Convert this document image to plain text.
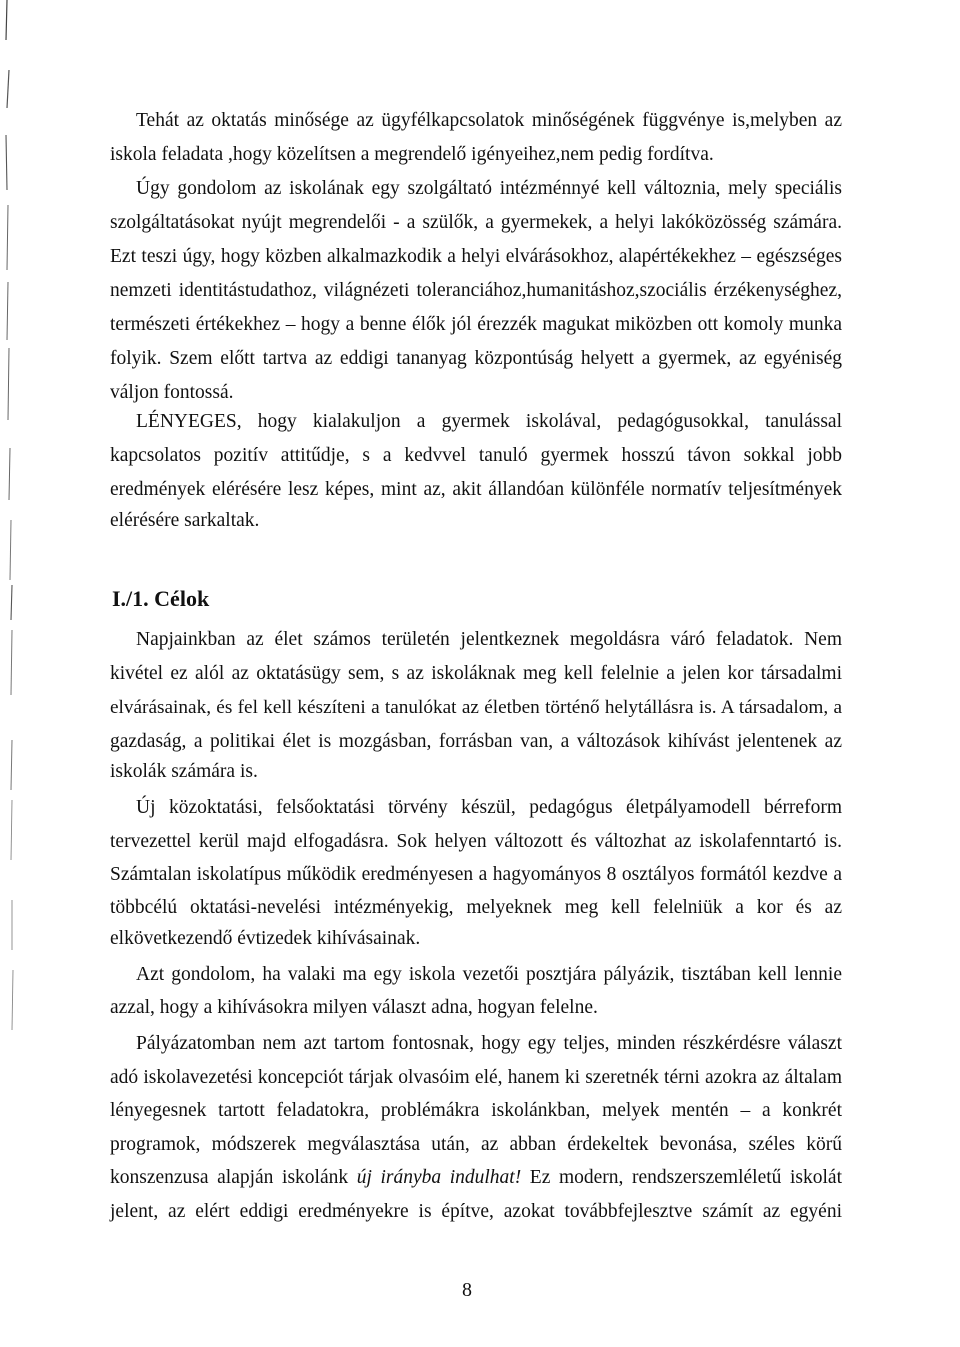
Tehát az oktatás minősége az ügyfélkapcsolatok minőségének függvénye is,melyben az
iskola feladata ,hogy közelítsen a megrendelő igényeihez,nem pedig fordítva.
Úgy gondolom az iskolának egy szolgáltató intézménnyé kell változnia, mely speciális
szolgáltatásokat nyújt megrendelői - a szülők, a gyermekek, a helyi lakóközösség számára.
Ezt teszi úgy, hogy közben alkalmazkodik a helyi elvárásokhoz, alapértékekhez – egészséges
nemzeti identitástudathoz, világnézeti toleranciához,humanitáshoz,szociális érzékenységhez,
természeti értékekhez – hogy a benne élők jól érezzék magukat miközben ott komoly munka
folyik. Szem előtt tartva az eddigi tananyag központúság helyett a gyermek, az egyéniség
váljon fontossá.
LÉNYEGES, hogy kialakuljon a gyermek iskolával, pedagógusokkal, tanulással
kapcsolatos pozitív attitűdje, s a kedvvel tanuló gyermek hosszú távon sokkal jobb
eredmények elérésére lesz képes, mint az, akit állandóan különféle normatív teljesítmények
elérésére sarkaltak.
I./1. Célok
Napjainkban az élet számos területén jelentkeznek megoldásra váró feladatok. Nem
kivétel ez alól az oktatásügy sem, s az iskoláknak meg kell felelnie a jelen kor társadalmi
elvárásainak, és fel kell készíteni a tanulókat az életben történő helytállásra is. A társadalom, a
gazdaság, a politikai élet is mozgásban, forrásban van, a változások kihívást jelentenek az
iskolák számára is.
Új közoktatási, felsőoktatási törvény készül, pedagógus életpályamodell bérreform
tervezettel kerül majd elfogadásra. Sok helyen változott és változhat az iskolafenntartó is.
Számtalan iskolatípus működik eredményesen a hagyományos 8 osztályos formától kezdve a
többcélú oktatási-nevelési intézményekig, melyeknek meg kell felelniük a kor és az
elkövetkezendő évtizedek kihívásainak.
Azt gondolom, ha valaki ma egy iskola vezetői posztjára pályázik, tisztában kell lennie
azzal, hogy a kihívásokra milyen választ adna, hogyan felelne.
Pályázatomban nem azt tartom fontosnak, hogy egy teljes, minden részkérdésre választ
adó iskolavezetési koncepciót tárjak olvasóim elé, hanem ki szeretnék térni azokra az általam
lényegesnek tartott feladatokra, problémákra iskolánkban, melyek mentén – a konkrét
programok, módszerek megválasztása után, az abban érdekeltek bevonása, széles körű
konszenzusa alapján iskolánk új irányba indulhat! Ez modern, rendszerszemléletű iskolát
jelent, az elért eddigi eredményekre is építve, azokat továbbfejlesztve számít az egyéni
8
